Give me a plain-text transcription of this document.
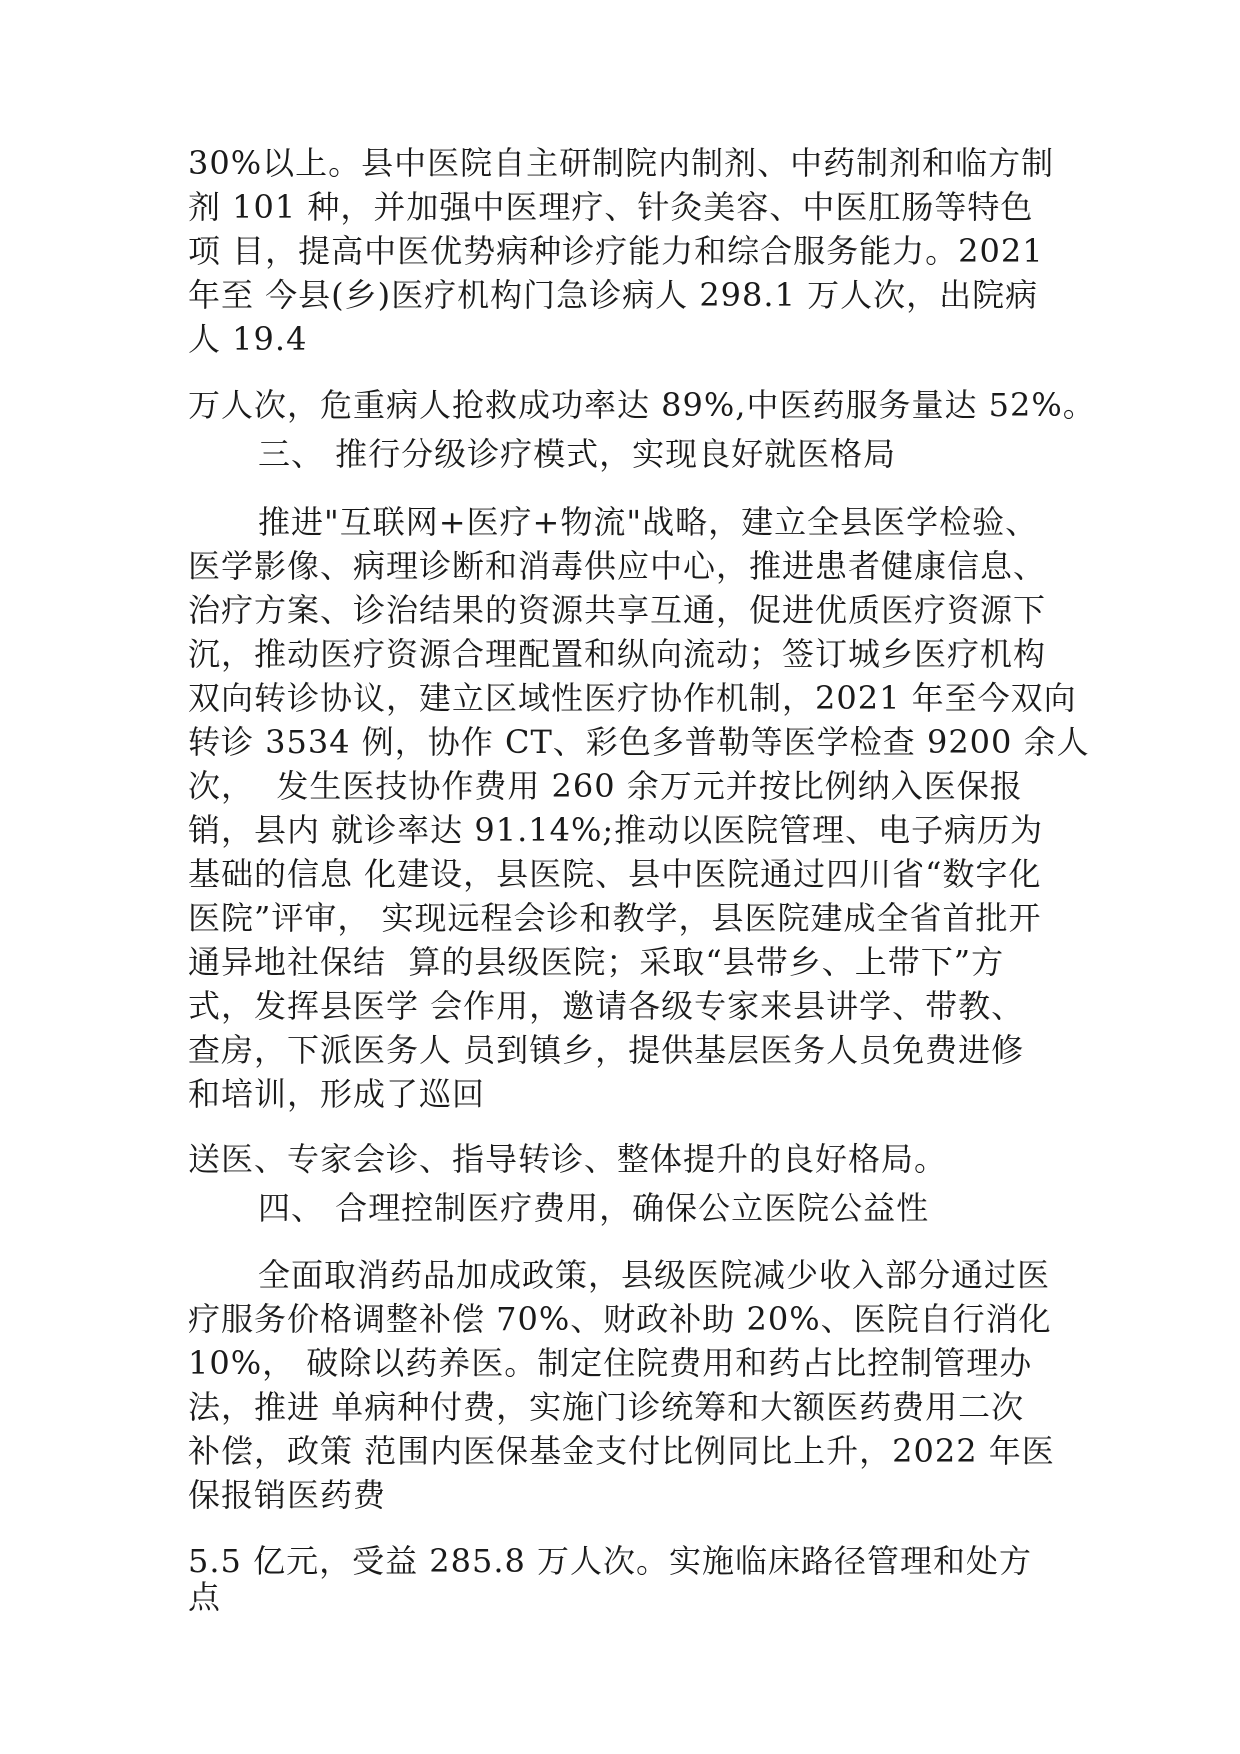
30%以上。县中医院自主研制院内制剂、中药制剂和临方制
剂 101 种，并加强中医理疗、针灸美容、中医肛肠等特色
项 目，提高中医优势病种诊疗能力和综合服务能力。2021
年至 今县(乡)医疗机构门急诊病人 298.1 万人次，出院病
人 19.4
万人次，危重病人抢救成功率达 89%,中医药服务量达 52%。
三、 推行分级诊疗模式，实现良好就医格局
推进"互联网+医疗+物流"战略，建立全县医学检验、
医学影像、病理诊断和消毒供应中心，推进患者健康信息、
治疗方案、诊治结果的资源共享互通，促进优质医疗资源下
沉，推动医疗资源合理配置和纵向流动；签订城乡医疗机构
双向转诊协议，建立区域性医疗协作机制，2021 年至今双向
转诊 3534 例，协作 CT、彩色多普勒等医学检查 9200 余人
次，  发生医技协作费用 260 余万元并按比例纳入医保报
销，县内 就诊率达 91.14%;推动以医院管理、电子病历为
基础的信息 化建设，县医院、县中医院通过四川省“数字化
医院”评审， 实现远程会诊和教学，县医院建成全省首批开
通异地社保结  算的县级医院；采取“县带乡、上带下”方
式，发挥县医学 会作用，邀请各级专家来县讲学、带教、
查房，下派医务人 员到镇乡，提供基层医务人员免费进修
和培训，形成了巡回
送医、专家会诊、指导转诊、整体提升的良好格局。
四、 合理控制医疗费用，确保公立医院公益性
全面取消药品加成政策，县级医院减少收入部分通过医
疗服务价格调整补偿 70%、财政补助 20%、医院自行消化
10%， 破除以药养医。制定住院费用和药占比控制管理办
法，推进 单病种付费，实施门诊统筹和大额医药费用二次
补偿，政策 范围内医保基金支付比例同比上升，2022 年医
保报销医药费
5.5 亿元，受益 285.8 万人次。实施临床路径管理和处方
点
